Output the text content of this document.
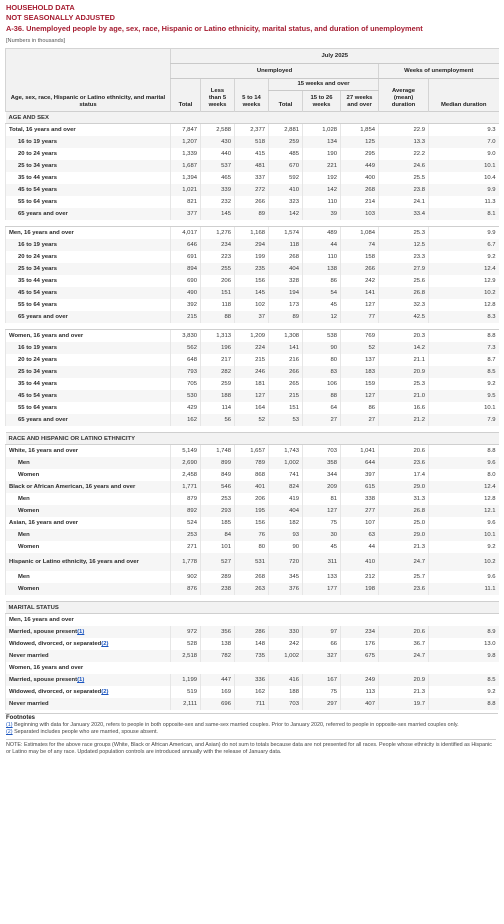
HOUSEHOLD DATA
NOT SEASONALLY ADJUSTED
A-36. Unemployed people by age, sex, race, Hispanic or Latino ethnicity, marital status, and duration of unemployment
[Numbers in thousands]
Age, sex, race, Hispanic or Latino ethnicity, and marital status	July 2025							
	Unemployed						Weeks of unemployment	
	Total	Less than 5 weeks	5 to 14 weeks	15 weeks and over			Average (mean) duration	Median duration
				Total	15 to 26 weeks	27 weeks and over		
AGE AND SEX								
Total, 16 years and over	7,847	2,588	2,377	2,881	1,028	1,854	22.9	9.3
16 to 19 years	1,207	430	518	259	134	125	13.3	7.0
20 to 24 years	1,339	440	415	485	190	295	22.2	9.0
25 to 34 years	1,687	537	481	670	221	449	24.6	10.1
35 to 44 years	1,394	465	337	592	192	400	25.5	10.4
45 to 54 years	1,021	339	272	410	142	268	23.8	9.9
55 to 64 years	821	232	266	323	110	214	24.1	11.3
65 years and over	377	145	89	142	39	103	33.4	8.1

Men, 16 years and over	4,017	1,276	1,168	1,574	489	1,084	25.3	9.9
16 to 19 years	646	234	294	118	44	74	12.5	6.7
20 to 24 years	691	223	199	268	110	158	23.3	9.2
25 to 34 years	894	255	235	404	138	266	27.9	12.4
35 to 44 years	690	206	156	328	86	242	25.6	12.9
45 to 54 years	490	151	145	194	54	141	26.8	10.2
55 to 64 years	392	118	102	173	45	127	32.3	12.8
65 years and over	215	88	37	89	12	77	42.5	8.3

Women, 16 years and over	3,830	1,313	1,209	1,308	538	769	20.3	8.8
16 to 19 years	562	196	224	141	90	52	14.2	7.3
20 to 24 years	648	217	215	216	80	137	21.1	8.7
25 to 34 years	793	282	246	266	83	183	20.9	8.5
35 to 44 years	705	259	181	265	106	159	25.3	9.2
45 to 54 years	530	188	127	215	88	127	21.0	9.5
55 to 64 years	429	114	164	151	64	86	16.6	10.1
65 years and over	162	56	52	53	27	27	21.2	7.9

RACE AND HISPANIC OR LATINO ETHNICITY								
White, 16 years and over	5,149	1,748	1,657	1,743	703	1,041	20.6	8.8
Men	2,690	899	789	1,002	358	644	23.6	9.6
Women	2,458	849	868	741	344	397	17.4	8.0
Black or African American, 16 years and over	1,771	546	401	824	209	615	29.0	12.4
Men	879	253	206	419	81	338	31.3	12.8
Women	892	293	195	404	127	277	26.8	12.1
Asian, 16 years and over	524	185	156	182	75	107	25.0	9.6
Men	253	84	76	93	30	63	29.0	10.1
Women	271	101	80	90	45	44	21.3	9.2
Hispanic or Latino ethnicity, 16 years and over	1,778	527	531	720	311	410	24.7	10.2
Men	902	289	268	345	133	212	25.7	9.6
Women	876	238	263	376	177	198	23.6	11.1

MARITAL STATUS								
Men, 16 years and over								
Married, spouse present(1)	972	356	286	330	97	234	20.6	8.9
Widowed, divorced, or separated(2)	528	138	148	242	66	176	36.7	13.0
Never married	2,518	782	735	1,002	327	675	24.7	9.8
Women, 16 years and over								
Married, spouse present(1)	1,199	447	336	416	167	249	20.9	8.5
Widowed, divorced, or separated(2)	519	169	162	188	75	113	21.3	9.2
Never married	2,111	696	711	703	297	407	19.7	8.8
Footnotes
(1) Beginning with data for January 2020, refers to people in both opposite-sex and same-sex married couples. Prior to January 2020, referred to people in opposite-sex married couples only.
(2) Separated includes people who are married, spouse absent.
NOTE: Estimates for the above race groups (White, Black or African American, and Asian) do not sum to totals because data are not presented for all races. People whose ethnicity is identified as Hispanic or Latino may be of any race. Updated population controls are introduced annually with the release of January data.
